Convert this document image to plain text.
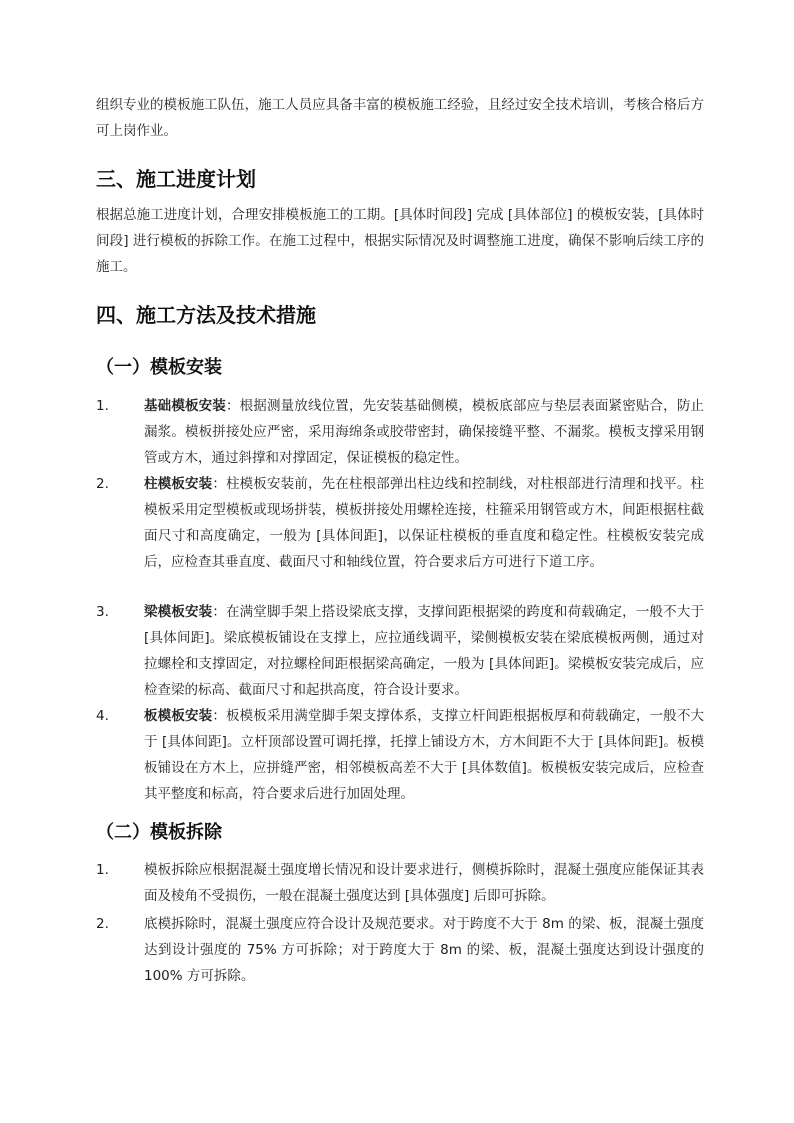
组织专业的模板施工队伍，施工人员应具备丰富的模板施工经验，且经过安全技术培训，考核合格后方可上岗作业。

三、施工进度计划

根据总施工进度计划，合理安排模板施工的工期。[具体时间段] 完成 [具体部位] 的模板安装，[具体时间段] 进行模板的拆除工作。在施工过程中，根据实际情况及时调整施工进度，确保不影响后续工序的施工。

四、施工方法及技术措施
（一）模板安装
1.	基础模板安装：根据测量放线位置，先安装基础侧模，模板底部应与垫层表面紧密贴合，防止漏浆。模板拼接处应严密，采用海绵条或胶带密封，确保接缝平整、不漏浆。模板支撑采用钢管或方木，通过斜撑和对撑固定，保证模板的稳定性。
2.	柱模板安装：柱模板安装前，先在柱根部弹出柱边线和控制线，对柱根部进行清理和找平。柱模板采用定型模板或现场拼装，模板拼接处用螺栓连接，柱箍采用钢管或方木，间距根据柱截面尺寸和高度确定，一般为 [具体间距]，以保证柱模板的垂直度和稳定性。柱模板安装完成后，应检查其垂直度、截面尺寸和轴线位置，符合要求后方可进行下道工序。
3.	梁模板安装：在满堂脚手架上搭设梁底支撑，支撑间距根据梁的跨度和荷载确定，一般不大于 [具体间距]。梁底模板铺设在支撑上，应拉通线调平，梁侧模板安装在梁底模板两侧，通过对拉螺栓和支撑固定，对拉螺栓间距根据梁高确定，一般为 [具体间距]。梁模板安装完成后，应检查梁的标高、截面尺寸和起拱高度，符合设计要求。
4.	板模板安装：板模板采用满堂脚手架支撑体系，支撑立杆间距根据板厚和荷载确定，一般不大于 [具体间距]。立杆顶部设置可调托撑，托撑上铺设方木，方木间距不大于 [具体间距]。板模板铺设在方木上，应拼缝严密，相邻模板高差不大于 [具体数值]。板模板安装完成后，应检查其平整度和标高，符合要求后进行加固处理。
（二）模板拆除
1.	模板拆除应根据混凝土强度增长情况和设计要求进行，侧模拆除时，混凝土强度应能保证其表面及棱角不受损伤，一般在混凝土强度达到 [具体强度] 后即可拆除。
2.	底模拆除时，混凝土强度应符合设计及规范要求。对于跨度不大于 8m 的梁、板，混凝土强度达到设计强度的 75% 方可拆除；对于跨度大于 8m 的梁、板，混凝土强度达到设计强度的 100% 方可拆除。
